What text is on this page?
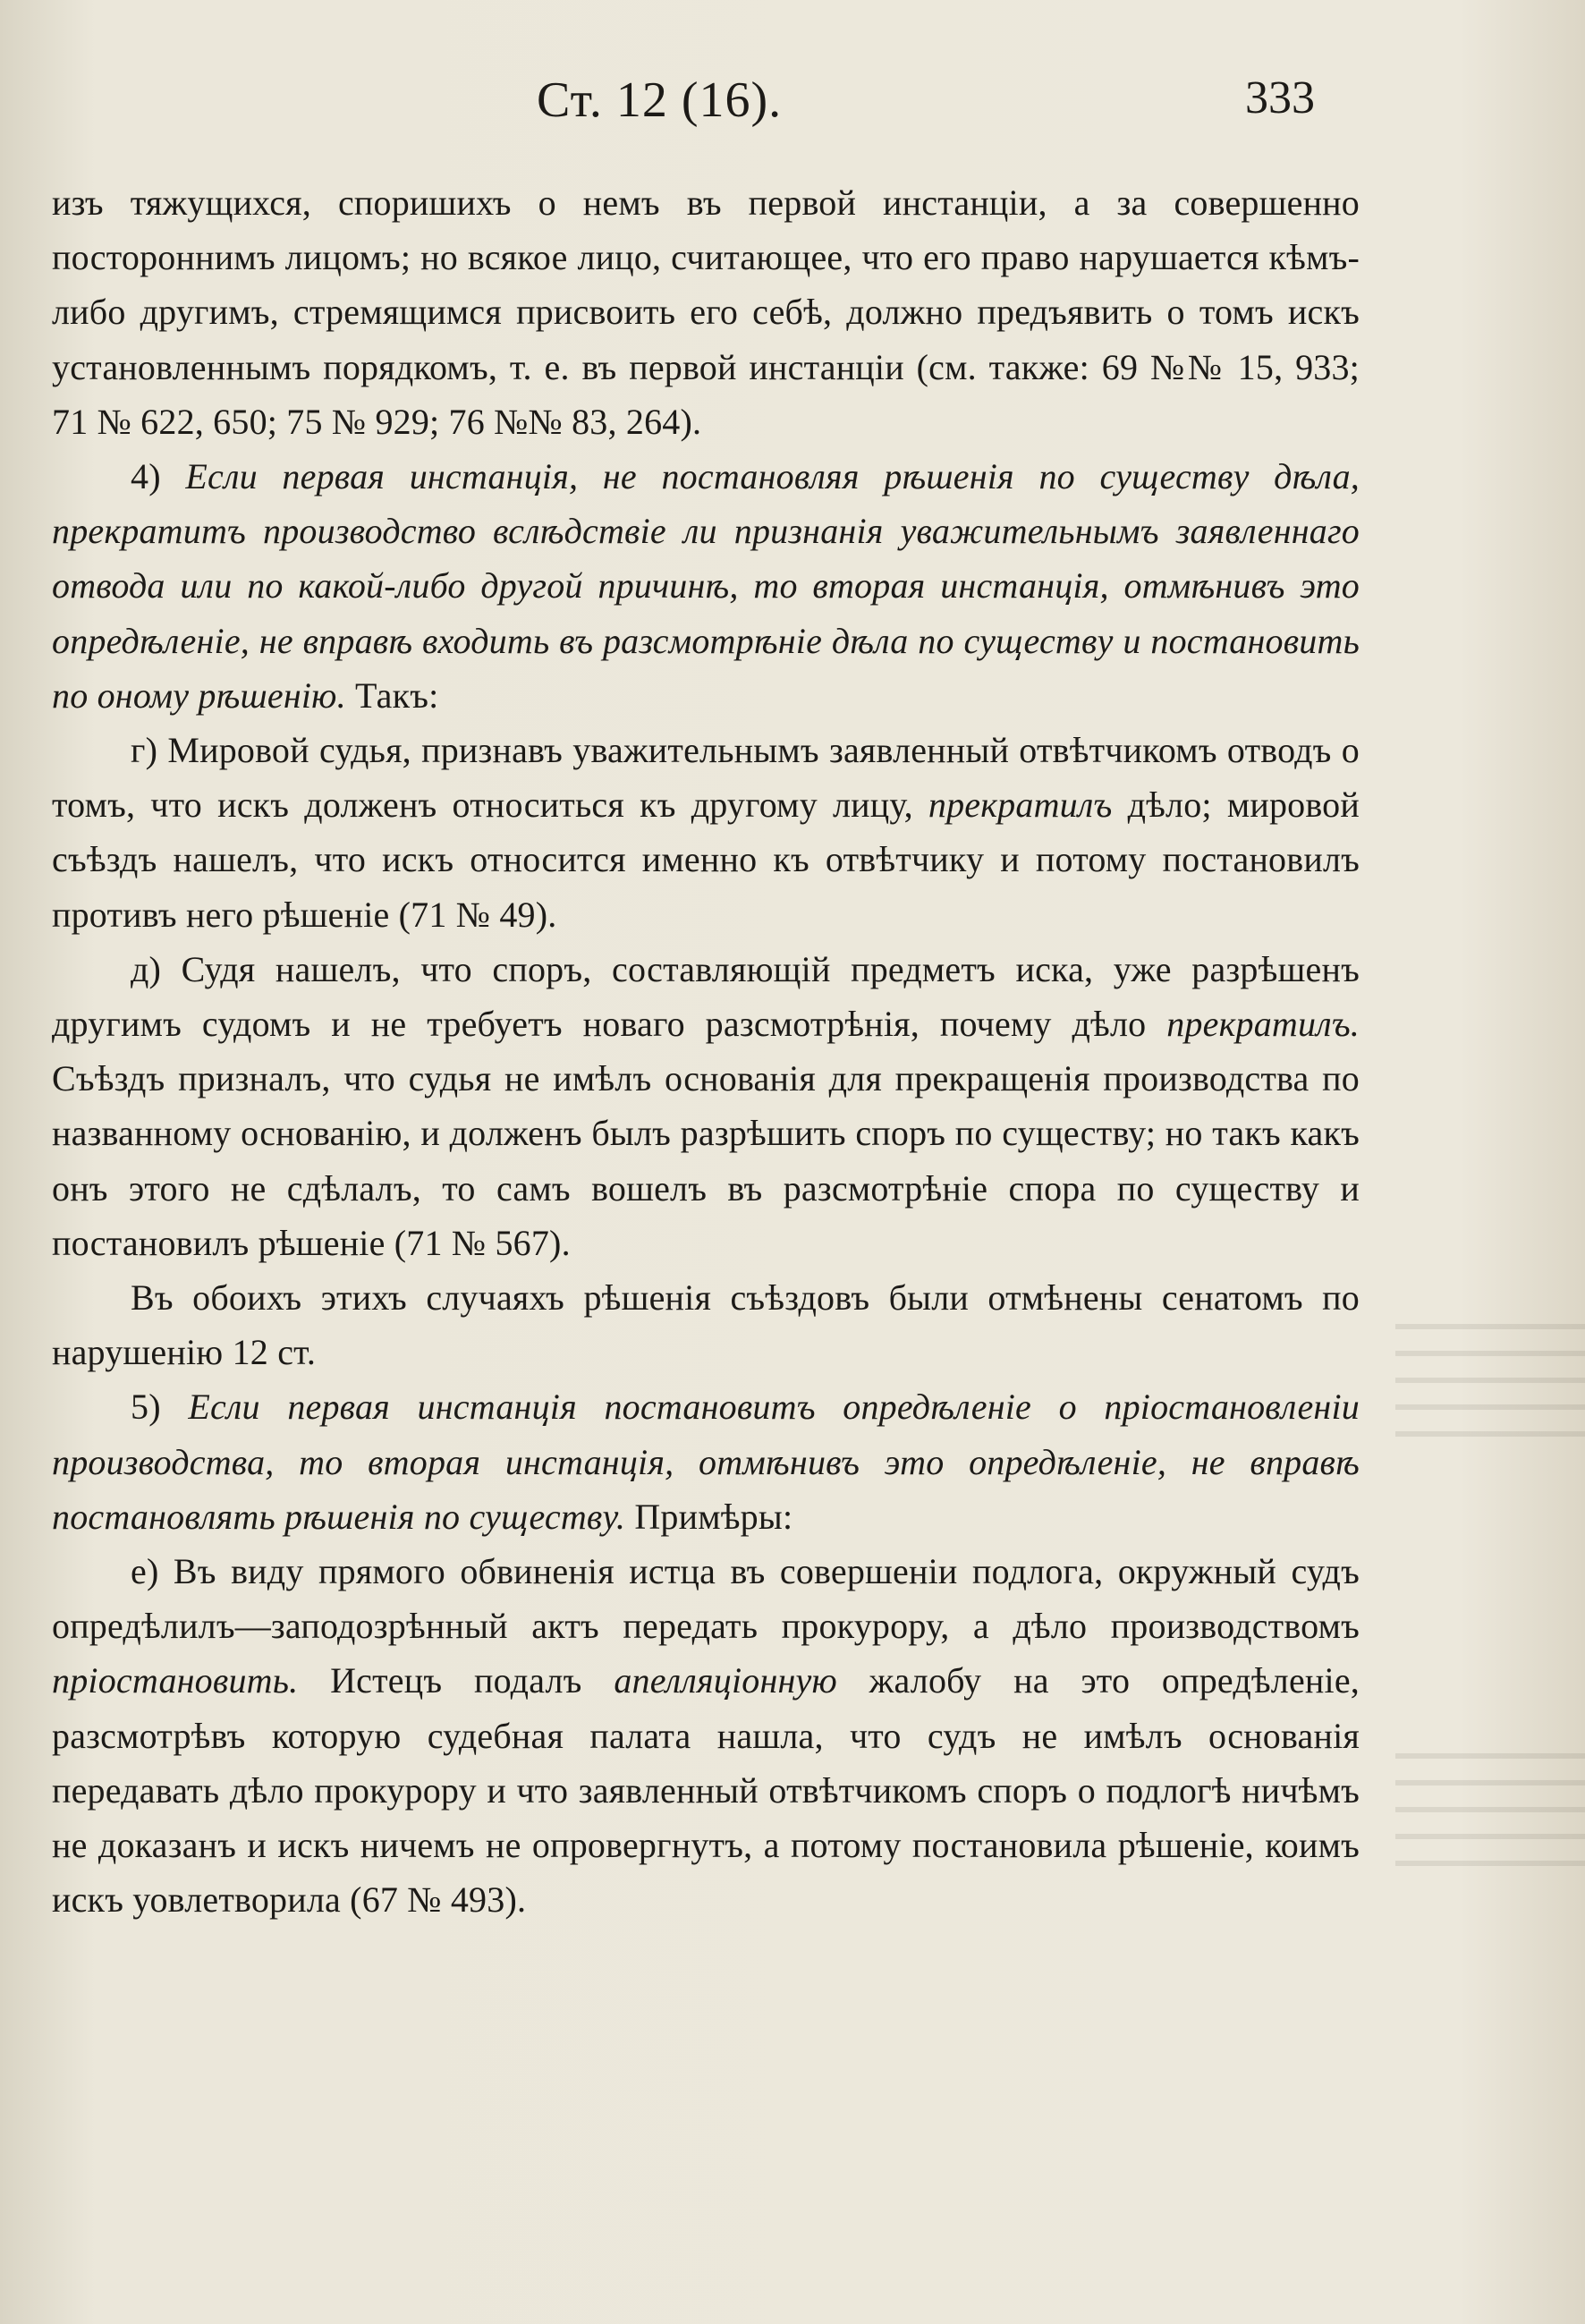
Ст. 12 (16).	333

изъ тяжущихся, споришихъ о немъ въ первой инстанціи, а за совершенно постороннимъ лицомъ; но всякое лицо, считающее, что его право нарушается кѣмъ-либо другимъ, стремящимся присвоить его себѣ, должно предъявить о томъ искъ установленнымъ порядкомъ, т. е. въ первой инстанціи (см. также: 69 №№ 15, 933; 71 № 622, 650; 75 № 929; 76 №№ 83, 264).

4) Если первая инстанція, не постановляя рѣшенія по существу дѣла, прекратитъ производство вслѣдствіе ли признанія уважительнымъ заявленнаго отвода или по какой-либо другой причинѣ, то вторая инстанція, отмѣнивъ это опредѣленіе, не вправѣ входить въ разсмотрѣніе дѣла по существу и постановить по оному рѣшенію. Такъ:

г) Мировой судья, признавъ уважительнымъ заявленный отвѣтчикомъ отводъ о томъ, что искъ долженъ относиться къ другому лицу, прекратилъ дѣло; мировой съѣздъ нашелъ, что искъ относится именно къ отвѣтчику и потому постановилъ противъ него рѣшеніе (71 № 49).

д) Судя нашелъ, что споръ, составляющій предметъ иска, уже разрѣшенъ другимъ судомъ и не требуетъ новаго разсмотрѣнія, почему дѣло прекратилъ. Съѣздъ призналъ, что судья не имѣлъ основанія для прекращенія производства по названному основанію, и долженъ былъ разрѣшить споръ по существу; но такъ какъ онъ этого не сдѣлалъ, то самъ вошелъ въ разсмотрѣніе спора по существу и постановилъ рѣшеніе (71 № 567).

Въ обоихъ этихъ случаяхъ рѣшенія съѣздовъ были отмѣнены сенатомъ по нарушенію 12 ст.

5) Если первая инстанція постановитъ опредѣленіе о пріостановленіи производства, то вторая инстанція, отмѣнивъ это опредѣленіе, не вправѣ постановлять рѣшенія по существу. Примѣры:

е) Въ виду прямого обвиненія истца въ совершеніи подлога, окружный судъ опредѣлилъ—заподозрѣнный актъ передать прокурору, а дѣло производствомъ пріостановить. Истецъ подалъ апелляціонную жалобу на это опредѣленіе, разсмотрѣвъ которую судебная палата нашла, что судъ не имѣлъ основанія передавать дѣло прокурору и что заявленный отвѣтчикомъ споръ о подлогѣ ничѣмъ не доказанъ и искъ ничемъ не опровергнутъ, а потому постановила рѣшеніе, коимъ искъ уовлетворила (67 № 493).
